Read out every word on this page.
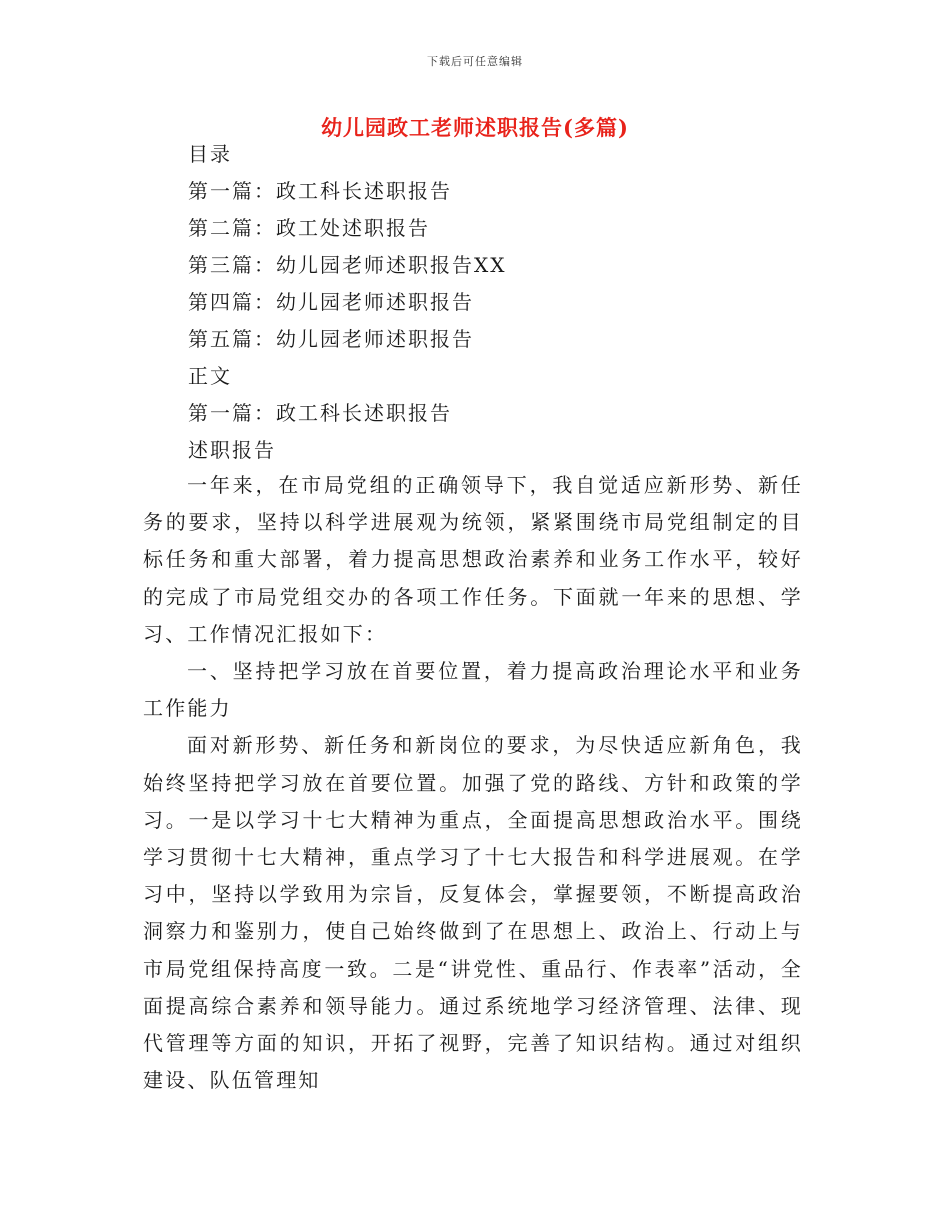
下载后可任意编辑
幼儿园政工老师述职报告(多篇)
目录
第一篇：政工科长述职报告
第二篇：政工处述职报告
第三篇：幼儿园老师述职报告XX
第四篇：幼儿园老师述职报告
第五篇：幼儿园老师述职报告
正文
第一篇：政工科长述职报告
述职报告

一年来，在市局党组的正确领导下，我自觉适应新形势、新任务的要求，坚持以科学进展观为统领，紧紧围绕市局党组制定的目标任务和重大部署，着力提高思想政治素养和业务工作水平，较好的完成了市局党组交办的各项工作任务。下面就一年来的思想、学习、工作情况汇报如下：

一、坚持把学习放在首要位置，着力提高政治理论水平和业务工作能力

面对新形势、新任务和新岗位的要求，为尽快适应新角色，我始终坚持把学习放在首要位置。加强了党的路线、方针和政策的学习。一是以学习十七大精神为重点，全面提高思想政治水平。围绕学习贯彻十七大精神，重点学习了十七大报告和科学进展观。在学习中，坚持以学致用为宗旨，反复体会，掌握要领，不断提高政治洞察力和鉴别力，使自己始终做到了在思想上、政治上、行动上与市局党组保持高度一致。二是“讲党性、重品行、作表率”活动，全面提高综合素养和领导能力。通过系统地学习经济管理、法律、现代管理等方面的知识，开拓了视野，完善了知识结构。通过对组织建设、队伍管理知
